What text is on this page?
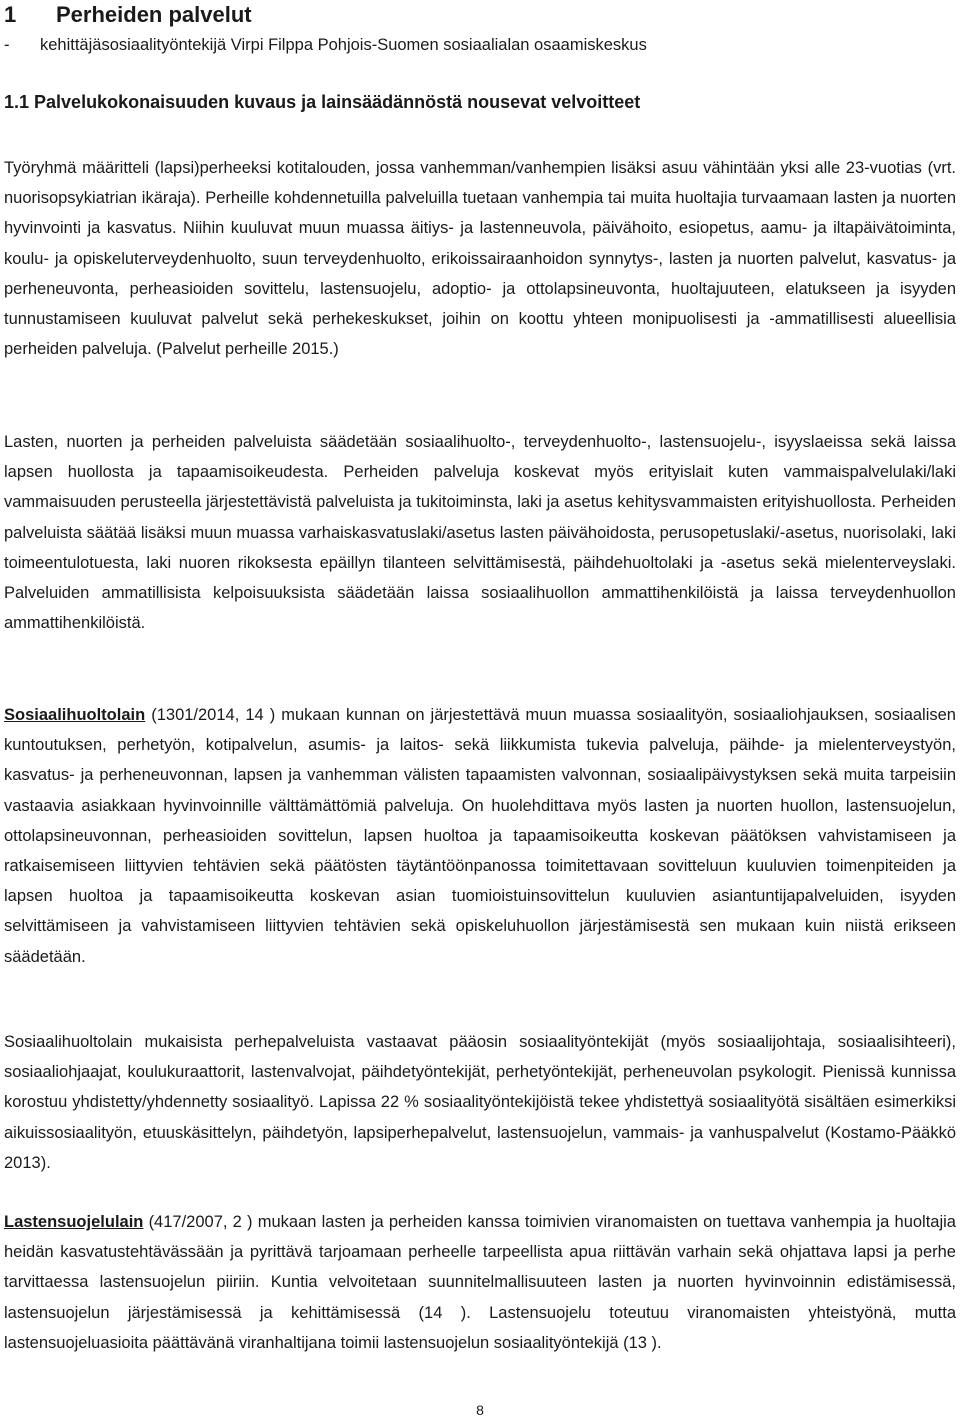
1 Perheiden palvelut
- kehittäjäsosiaalityöntekijä Virpi Filppa Pohjois-Suomen sosiaalialan osaamiskeskus
1.1 Palvelukokonaisuuden kuvaus ja lainsäädännöstä nousevat velvoitteet

Työryhmä määritteli (lapsi)perheeksi kotitalouden, jossa vanhemman/vanhempien lisäksi asuu vähintään yksi alle 23-vuotias (vrt. nuorisopsykiatrian ikäraja). Perheille kohdennetuilla palveluilla tuetaan vanhempia tai muita huoltajia turvaamaan lasten ja nuorten hyvinvointi ja kasvatus. Niihin kuuluvat muun muassa äitiys- ja lastenneuvola, päivähoito, esiopetus, aamu- ja iltapäivätoiminta, koulu- ja opiskeluterveydenhuolto, suun terveydenhuolto, erikoissairaanhoidon synnytys-, lasten ja nuorten palvelut, kasvatus- ja perheneuvonta, perheasioiden sovittelu, lastensuojelu, adoptio- ja ottolapsineuvonta, huoltajuuteen, elatukseen ja isyyden tunnustamiseen kuuluvat palvelut sekä perhekeskukset, joihin on koottu yhteen monipuolisesti ja -ammatillisesti alueellisia perheiden palveluja. (Palvelut perheille 2015.)

Lasten, nuorten ja perheiden palveluista säädetään sosiaalihuolto-, terveydenhuolto-, lastensuojelu-, isyyslaeissa sekä laissa lapsen huollosta ja tapaamisoikeudesta. Perheiden palveluja koskevat myös erityislait kuten vammaispalvelulaki/laki vammaisuuden perusteella järjestettävistä palveluista ja tukitoiminsta, laki ja asetus kehitysvammaisten erityishuollosta. Perheiden palveluista säätää lisäksi muun muassa varhaiskasvatuslaki/asetus lasten päivähoidosta, perusopetuslaki/-asetus, nuorisolaki, laki toimeentulotuesta, laki nuoren rikoksesta epäillyn tilanteen selvittämisestä, päihdehuoltolaki ja -asetus sekä mielenterveyslaki. Palveluiden ammatillisista kelpoisuuksista säädetään laissa sosiaalihuollon ammattihenkilöistä ja laissa terveydenhuollon ammattihenkilöistä.

Sosiaalihuoltolain (1301/2014, 14 ) mukaan kunnan on järjestettävä muun muassa sosiaalityön, sosiaaliohjauksen, sosiaalisen kuntoutuksen, perhetyön, kotipalvelun, asumis- ja laitos- sekä liikkumista tukevia palveluja, päihde- ja mielenterveystyön, kasvatus- ja perheneuvonnan, lapsen ja vanhemman välisten tapaamisten valvonnan, sosiaalipäivystyksen sekä muita tarpeisiin vastaavia asiakkaan hyvinvoinnille välttämättömiä palveluja. On huolehdittava myös lasten ja nuorten huollon, lastensuojelun, ottolapsineuvonnan, perheasioiden sovittelun, lapsen huoltoa ja tapaamisoikeutta koskevan päätöksen vahvistamiseen ja ratkaisemiseen liittyvien tehtävien sekä päätösten täytäntöönpanossa toimitettavaan sovitteluun kuuluvien toimenpiteiden ja lapsen huoltoa ja tapaamisoikeutta koskevan asian tuomioistuinsovittelun kuuluvien asiantuntijapalveluiden, isyyden selvittämiseen ja vahvistamiseen liittyvien tehtävien sekä opiskeluhuollon järjestämisestä sen mukaan kuin niistä erikseen säädetään.

Sosiaalihuoltolain mukaisista perhepalveluista vastaavat pääosin sosiaalityöntekijät (myös sosiaalijohtaja, sosiaalisihteeri), sosiaaliohjaajat, koulukuraattorit, lastenvalvojat, päihdetyöntekijät, perhetyöntekijät, perheneuvolan psykologit. Pienissä kunnissa korostuu yhdistetty/yhdennetty sosiaalityö. Lapissa 22 % sosiaalityöntekijöistä tekee yhdistettyä sosiaalityötä sisältäen esimerkiksi aikuissosiaalityön, etuuskäsittelyn, päihdetyön, lapsiperhepalvelut, lastensuojelun, vammais- ja vanhuspalvelut (Kostamo-Pääkkö 2013).

Lastensuojelulain (417/2007, 2 ) mukaan lasten ja perheiden kanssa toimivien viranomaisten on tuettava vanhempia ja huoltajia heidän kasvatustehtävässään ja pyrittävä tarjoamaan perheelle tarpeellista apua riittävän varhain sekä ohjattava lapsi ja perhe tarvittaessa lastensuojelun piiriin. Kuntia velvoitetaan suunnitelmallisuuteen lasten ja nuorten hyvinvoinnin edistämisessä, lastensuojelun järjestämisessä ja kehittämisessä (14 ). Lastensuojelu toteutuu viranomaisten yhteistyönä, mutta lastensuojeluasioita päättävänä viranhaltijana toimii lastensuojelun sosiaalityöntekijä (13 ).

8
